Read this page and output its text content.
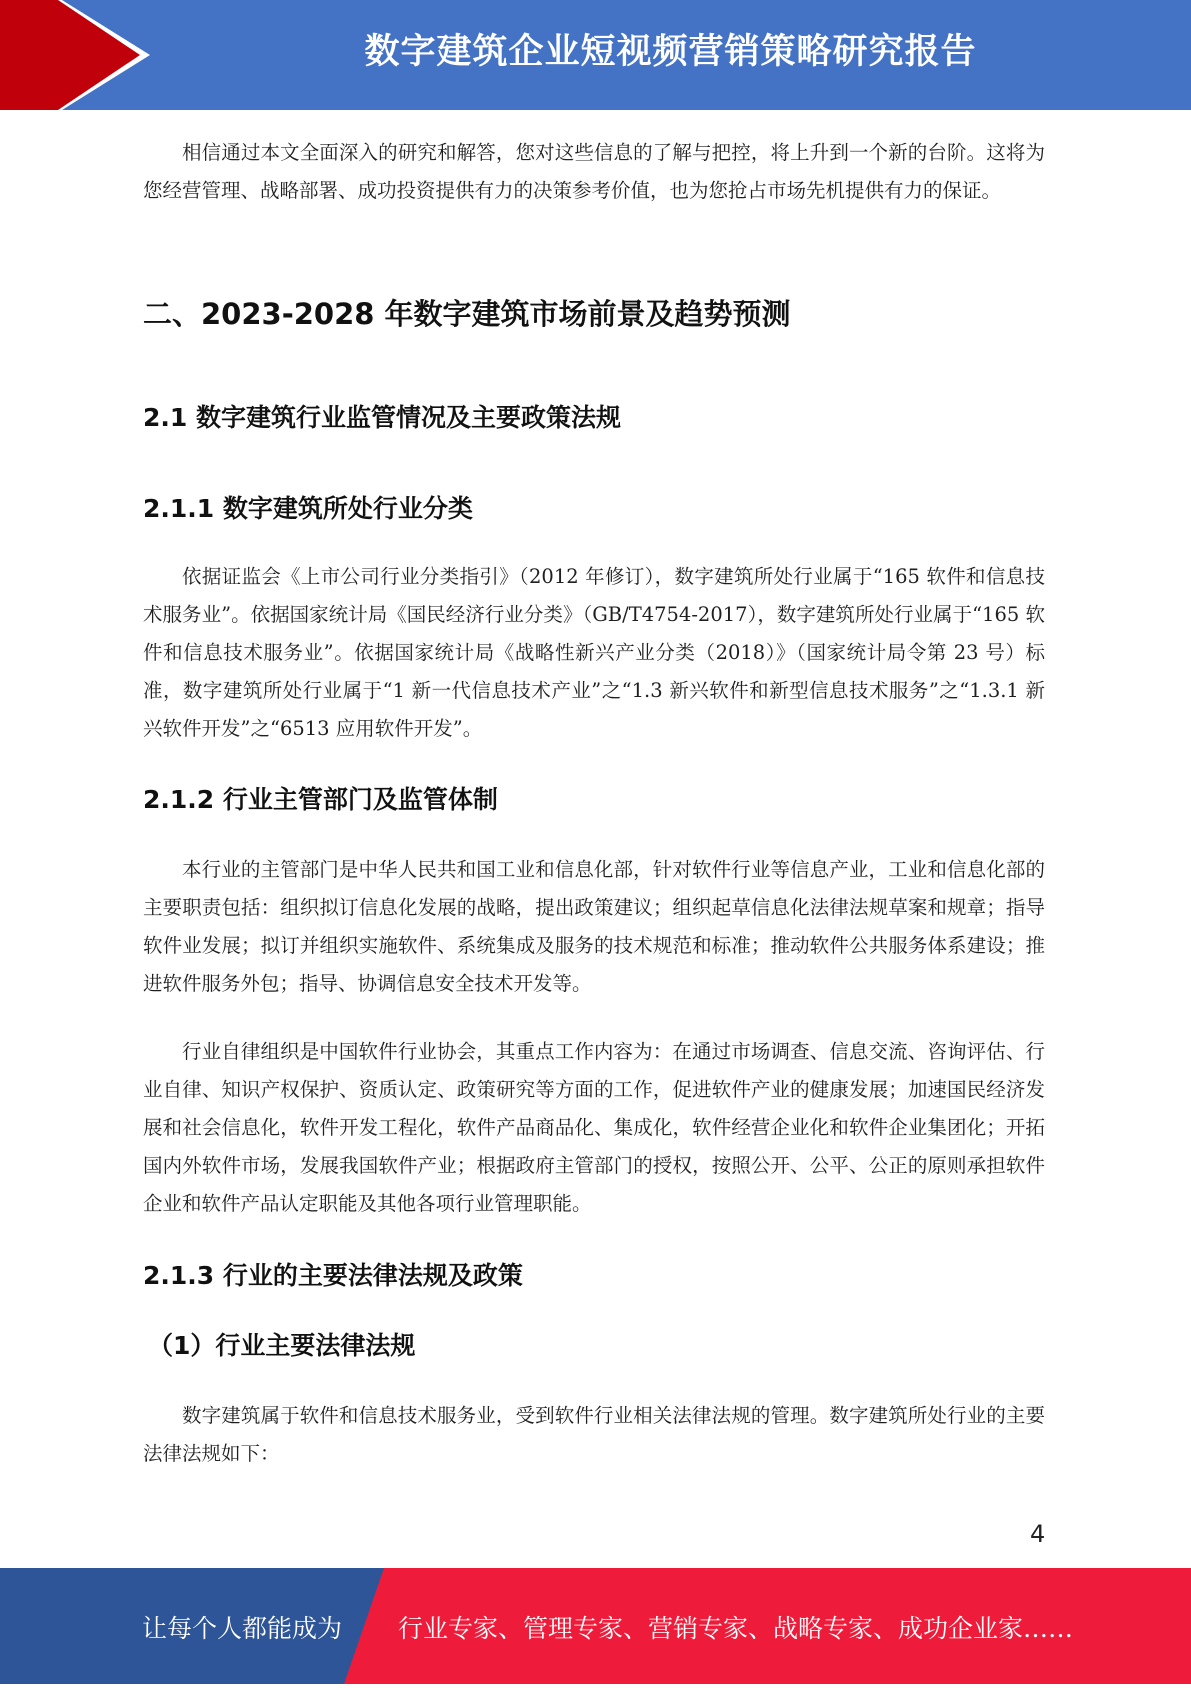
数字建筑企业短视频营销策略研究报告

相信通过本文全面深入的研究和解答，您对这些信息的了解与把控，将上升到一个新的台阶。这将为您经营管理、战略部署、成功投资提供有力的决策参考价值，也为您抢占市场先机提供有力的保证。

二、2023-2028 年数字建筑市场前景及趋势预测
2.1 数字建筑行业监管情况及主要政策法规
2.1.1 数字建筑所处行业分类

依据证监会《上市公司行业分类指引》（2012 年修订），数字建筑所处行业属于“165 软件和信息技术服务业”。依据国家统计局《国民经济行业分类》（GB/T4754-2017），数字建筑所处行业属于“165 软件和信息技术服务业”。依据国家统计局《战略性新兴产业分类（2018）》（国家统计局令第 23 号）标准，数字建筑所处行业属于“1 新一代信息技术产业”之“1.3 新兴软件和新型信息技术服务”之“1.3.1 新兴软件开发”之“6513 应用软件开发”。

2.1.2 行业主管部门及监管体制

本行业的主管部门是中华人民共和国工业和信息化部，针对软件行业等信息产业，工业和信息化部的主要职责包括：组织拟订信息化发展的战略，提出政策建议；组织起草信息化法律法规草案和规章；指导软件业发展；拟订并组织实施软件、系统集成及服务的技术规范和标准；推动软件公共服务体系建设；推进软件服务外包；指导、协调信息安全技术开发等。

行业自律组织是中国软件行业协会，其重点工作内容为：在通过市场调查、信息交流、咨询评估、行业自律、知识产权保护、资质认定、政策研究等方面的工作，促进软件产业的健康发展；加速国民经济发展和社会信息化，软件开发工程化，软件产品商品化、集成化，软件经营企业化和软件企业集团化；开拓国内外软件市场，发展我国软件产业；根据政府主管部门的授权，按照公开、公平、公正的原则承担软件企业和软件产品认定职能及其他各项行业管理职能。

2.1.3 行业的主要法律法规及政策
（1）行业主要法律法规

数字建筑属于软件和信息技术服务业，受到软件行业相关法律法规的管理。数字建筑所处行业的主要法律法规如下：

4
让每个人都能成为 行业专家、管理专家、营销专家、战略专家、成功企业家……
